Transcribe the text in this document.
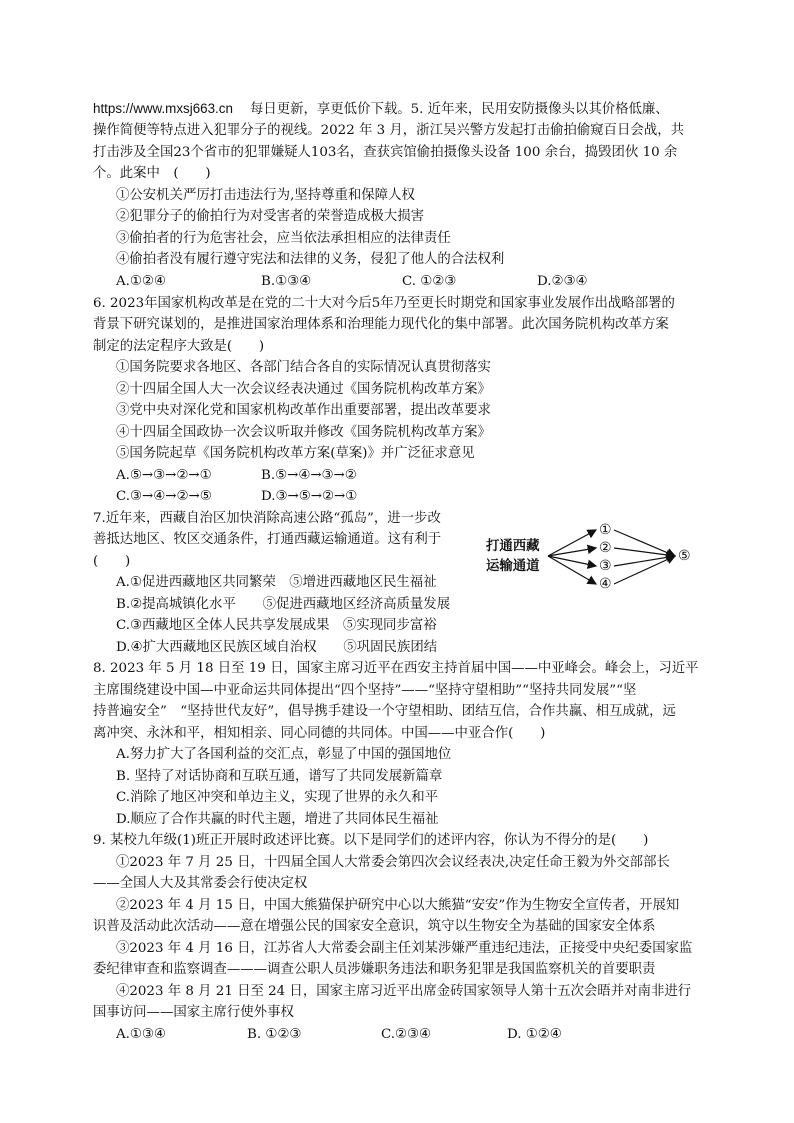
https://www.mxsj663.cn 每日更新，享更低价下载。5. 近年来，民用安防摄像头以其价格低廉、
操作简便等特点进入犯罪分子的视线。2022 年 3 月，浙江吴兴警方发起打击偷拍偷窥百日会战，共
打击涉及全国23个省市的犯罪嫌疑人103名，查获宾馆偷拍摄像头设备 100 余台，捣毁团伙 10 余
个。此案中　(　　)
①公安机关严厉打击违法行为,坚持尊重和保障人权
②犯罪分子的偷拍行为对受害者的荣誉造成极大损害
③偷拍者的行为危害社会，应当依法承担相应的法律责任
④偷拍者没有履行遵守宪法和法律的义务，侵犯了他人的合法权利
A.①②④	B.①③④	C. ①②③	D.②③④
6. 2023年国家机构改革是在党的二十大对今后5年乃至更长时期党和国家事业发展作出战略部署的
背景下研究谋划的，是推进国家治理体系和治理能力现代化的集中部署。此次国务院机构改革方案
制定的法定程序大致是(　　)
①国务院要求各地区、各部门结合各自的实际情况认真贯彻落实
②十四届全国人大一次会议经表决通过《国务院机构改革方案》
③党中央对深化党和国家机构改革作出重要部署，提出改革要求
④十四届全国政协一次会议听取并修改《国务院机构改革方案》
⑤国务院起草《国务院机构改革方案(草案)》并广泛征求意见
A.⑤→③→②→①	B.⑤→④→③→②
C.③→④→②→⑤	D.③→⑤→②→①
7.近年来，西藏自治区加快消除高速公路“孤岛”，进一步改
善抵达地区、牧区交通条件，打通西藏运输通道。这有利于
(　　)
打通西藏
运输通道
①
②
③
④
⑤
A.①促进西藏地区共同繁荣　⑤增进西藏地区民生福祉
B.②提高城镇化水平　　⑤促进西藏地区经济高质量发展
C.③西藏地区全体人民共享发展成果　⑤实现同步富裕
D.④扩大西藏地区民族区域自治权　　⑤巩固民族团结
8. 2023 年 5 月 18 日至 19 日，国家主席习近平在西安主持首届中国——中亚峰会。峰会上，习近平
主席围绕建设中国—中亚命运共同体提出“四个坚持”——“坚持守望相助”“坚持共同发展”“坚
持普遍安全”　“坚持世代友好”，倡导携手建设一个守望相助、团结互信，合作共赢、相互成就，远
离冲突、永沐和平，相知相亲、同心同德的共同体。中国——中亚合作(　　)
A.努力扩大了各国利益的交汇点，彰显了中国的强国地位
B. 坚持了对话协商和互联互通，谱写了共同发展新篇章
C.消除了地区冲突和单边主义，实现了世界的永久和平
D.顺应了合作共赢的时代主题，增进了共同体民生福祉
9. 某校九年级(1)班正开展时政述评比赛。以下是同学们的述评内容，你认为不得分的是(　　)
①2023 年 7 月 25 日，十四届全国人大常委会第四次会议经表决,决定任命王毅为外交部部长
——全国人大及其常委会行使决定权
②2023 年 4 月 15 日，中国大熊猫保护研究中心以大熊猫“安安”作为生物安全宣传者，开展知
识普及活动此次活动——意在增强公民的国家安全意识，筑守以生物安全为基础的国家安全体系
③2023 年 4 月 16 日，江苏省人大常委会副主任刘某涉嫌严重违纪违法，正接受中央纪委国家监
委纪律审查和监察调查———调查公职人员涉嫌职务违法和职务犯罪是我国监察机关的首要职责
④2023 年 8 月 21 日至 24 日，国家主席习近平出席金砖国家领导人第十五次会晤并对南非进行
国事访问——国家主席行使外事权
A.①③④	B. ①②③	C.②③④	D. ①②④
